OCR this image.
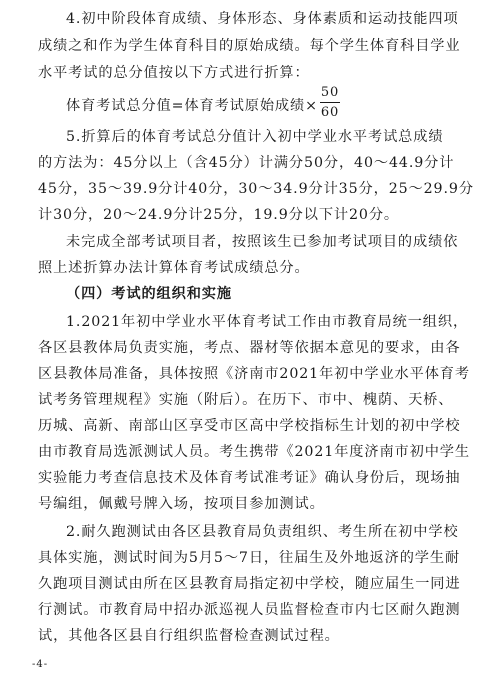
4.初中阶段体育成绩、身体形态、身体素质和运动技能四项
成绩之和作为学生体育科目的原始成绩。每个学生体育科目学业
水平考试的总分值按以下方式进行折算：
体育考试总分值=体育考试原始成绩×
50
60
5.折算后的体育考试总分值计入初中学业水平考试总成绩
的方法为：45分以上（含45分）计满分50分，40～44.9分计
45分，35～39.9分计40分，30～34.9分计35分，25～29.9分
计30分，20～24.9分计25分，19.9分以下计20分。
未完成全部考试项目者，按照该生已参加考试项目的成绩依
照上述折算办法计算体育考试成绩总分。
（四）考试的组织和实施
1.2021年初中学业水平体育考试工作由市教育局统一组织，
各区县教体局负责实施，考点、器材等依据本意见的要求，由各
区县教体局准备，具体按照《济南市2021年初中学业水平体育考
试考务管理规程》实施（附后）。在历下、市中、槐荫、天桥、
历城、高新、南部山区享受市区高中学校指标生计划的初中学校
由市教育局选派测试人员。考生携带《2021年度济南市初中学生
实验能力考查信息技术及体育考试准考证》确认身份后，现场抽
号编组，佩戴号牌入场，按项目参加测试。
2.耐久跑测试由各区县教育局负责组织、考生所在初中学校
具体实施，测试时间为5月5～7日，往届生及外地返济的学生耐
久跑项目测试由所在区县教育局指定初中学校，随应届生一同进
行测试。市教育局中招办派巡视人员监督检查市内七区耐久跑测
试，其他各区县自行组织监督检查测试过程。
-4-
